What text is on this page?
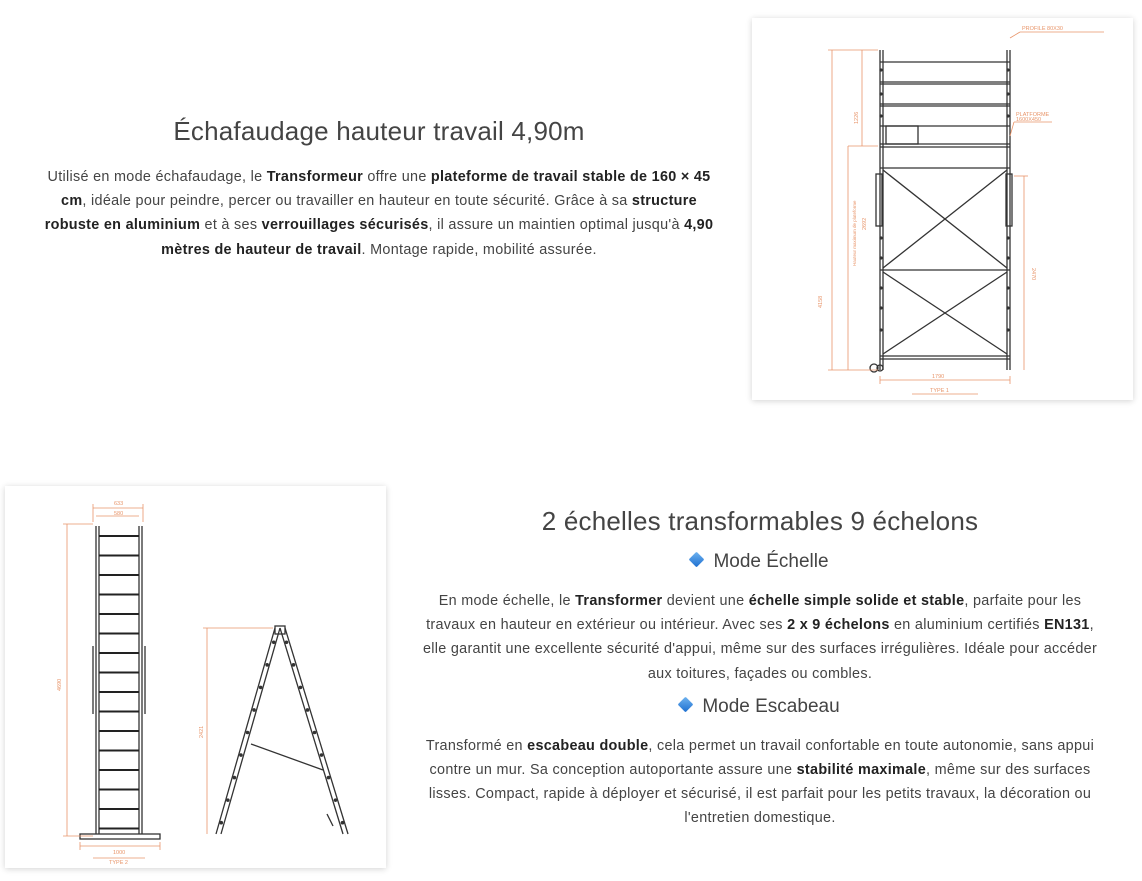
Échafaudage hauteur travail 4,90m

Utilisé en mode échafaudage, le Transformeur offre une plateforme de travail stable de 160 × 45 cm, idéale pour peindre, percer ou travailler en hauteur en toute sécurité. Grâce à sa structure robuste en aluminium et à ses verrouillages sécurisés, il assure un maintien optimal jusqu'à 4,90 mètres de hauteur de travail. Montage rapide, mobilité assurée.

PROFILE 80X30
PLATFORME
1600X450
1226
4158
Hauteur maximum de plateforme 2692
2470
1790
TYPE 1
633
580
4690
2421
1000
TYPE 2
2 échelles transformables 9 échelons
Mode Échelle

En mode échelle, le Transformer devient une échelle simple solide et stable, parfaite pour les travaux en hauteur en extérieur ou intérieur. Avec ses 2 x 9 échelons en aluminium certifiés EN131, elle garantit une excellente sécurité d'appui, même sur des surfaces irrégulières. Idéale pour accéder aux toitures, façades ou combles.

Mode Escabeau

Transformé en escabeau double, cela permet un travail confortable en toute autonomie, sans appui contre un mur. Sa conception autoportante assure une stabilité maximale, même sur des surfaces lisses. Compact, rapide à déployer et sécurisé, il est parfait pour les petits travaux, la décoration ou l'entretien domestique.
